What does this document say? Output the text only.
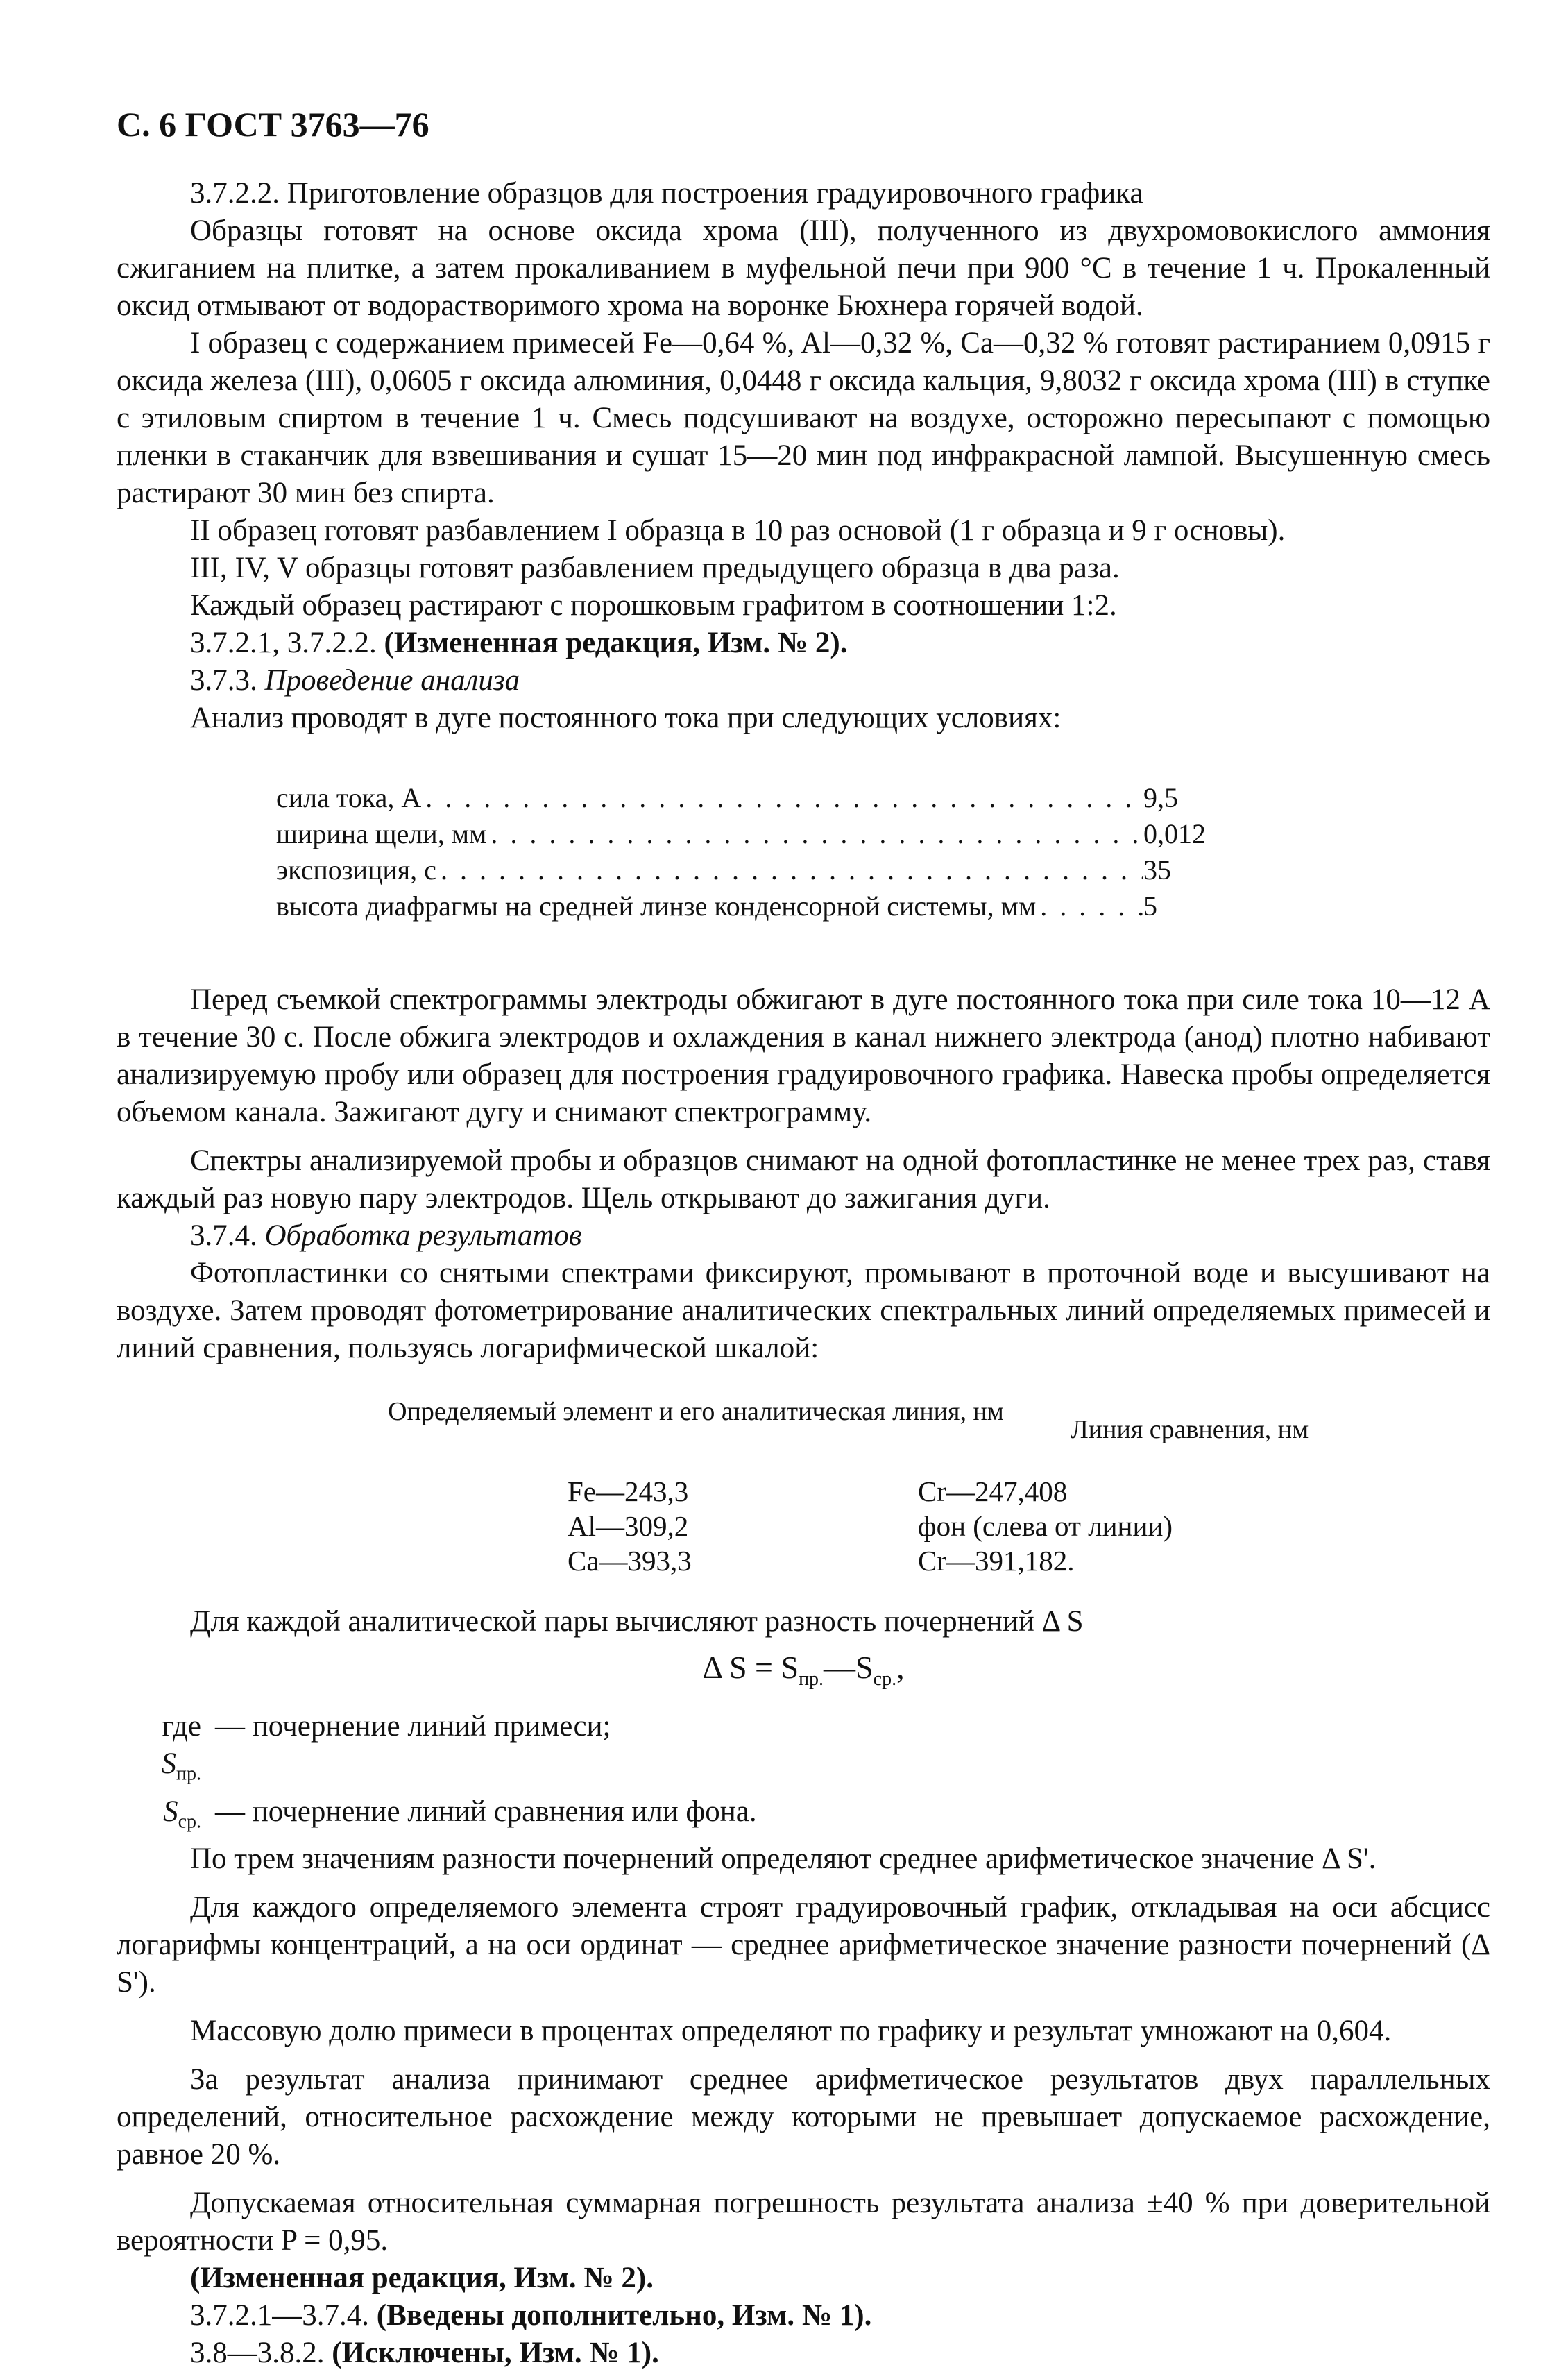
С. 6 ГОСТ 3763—76

3.7.2.2. Приготовление образцов для построения градуировочного графика

Образцы готовят на основе оксида хрома (III), полученного из двухромовокислого аммония сжиганием на плитке, а затем прокаливанием в муфельной печи при 900 °С в течение 1 ч. Прокаленный оксид отмывают от водорастворимого хрома на воронке Бюхнера горячей водой.

I образец с содержанием примесей Fe—0,64 %, Al—0,32 %, Ca—0,32 % готовят растиранием 0,0915 г оксида железа (III), 0,0605 г оксида алюминия, 0,0448 г оксида кальция, 9,8032 г оксида хрома (III) в ступке с этиловым спиртом в течение 1 ч. Смесь подсушивают на воздухе, осторожно пересыпают с помощью пленки в стаканчик для взвешивания и сушат 15—20 мин под инфракрасной лампой. Высушенную смесь растирают 30 мин без спирта.

II образец готовят разбавлением I образца в 10 раз основой (1 г образца и 9 г основы).

III, IV, V образцы готовят разбавлением предыдущего образца в два раза.

Каждый образец растирают с порошковым графитом в соотношении 1:2.

3.7.2.1, 3.7.2.2. (Измененная редакция, Изм. № 2).

3.7.3. Проведение анализа

Анализ проводят в дуге постоянного тока при следующих условиях:

сила тока, А . . .	9,5
ширина щели, мм . . .	0,012
экспозиция, с . . .	35
высота диафрагмы на средней линзе конденсорной системы, мм . . .	5

Перед съемкой спектрограммы электроды обжигают в дуге постоянного тока при силе тока 10—12 А в течение 30 с. После обжига электродов и охлаждения в канал нижнего электрода (анод) плотно набивают анализируемую пробу или образец для построения градуировочного графика. Навеска пробы определяется объемом канала. Зажигают дугу и снимают спектрограмму.

Спектры анализируемой пробы и образцов снимают на одной фотопластинке не менее трех раз, ставя каждый раз новую пару электродов. Щель открывают до зажигания дуги.

3.7.4. Обработка результатов

Фотопластинки со снятыми спектрами фиксируют, промывают в проточной воде и высушивают на воздухе. Затем проводят фотометрирование аналитических спектральных линий определяемых примесей и линий сравнения, пользуясь логарифмической шкалой:

Определяемый элемент и его аналитическая линия, нм
Линия сравнения, нм
Fe—243,3	Cr—247,408
Al—309,2	фон (слева от линии)
Ca—393,3	Cr—391,182.

Для каждой аналитической пары вычисляют разность почернений Δ S

Δ $S = S_{пр.}—S_{ср.}$,
где $S_{пр.}$
— почернение линий примеси;
$S_{ср.}$ — почернение линий сравнения или фона.

По трем значениям разности почернений определяют среднее арифметическое значение Δ S'.

Для каждого определяемого элемента строят градуировочный график, откладывая на оси абсцисс логарифмы концентраций, а на оси ординат — среднее арифметическое значение разности почернений (Δ S').

Массовую долю примеси в процентах определяют по графику и результат умножают на 0,604.

За результат анализа принимают среднее арифметическое результатов двух параллельных определений, относительное расхождение между которыми не превышает допускаемое расхождение, равное 20 %.

Допускаемая относительная суммарная погрешность результата анализа ±40 % при доверительной вероятности P = 0,95.

(Измененная редакция, Изм. № 2).

3.7.2.1—3.7.4. (Введены дополнительно, Изм. № 1).

3.8—3.8.2. (Исключены, Изм. № 1).
